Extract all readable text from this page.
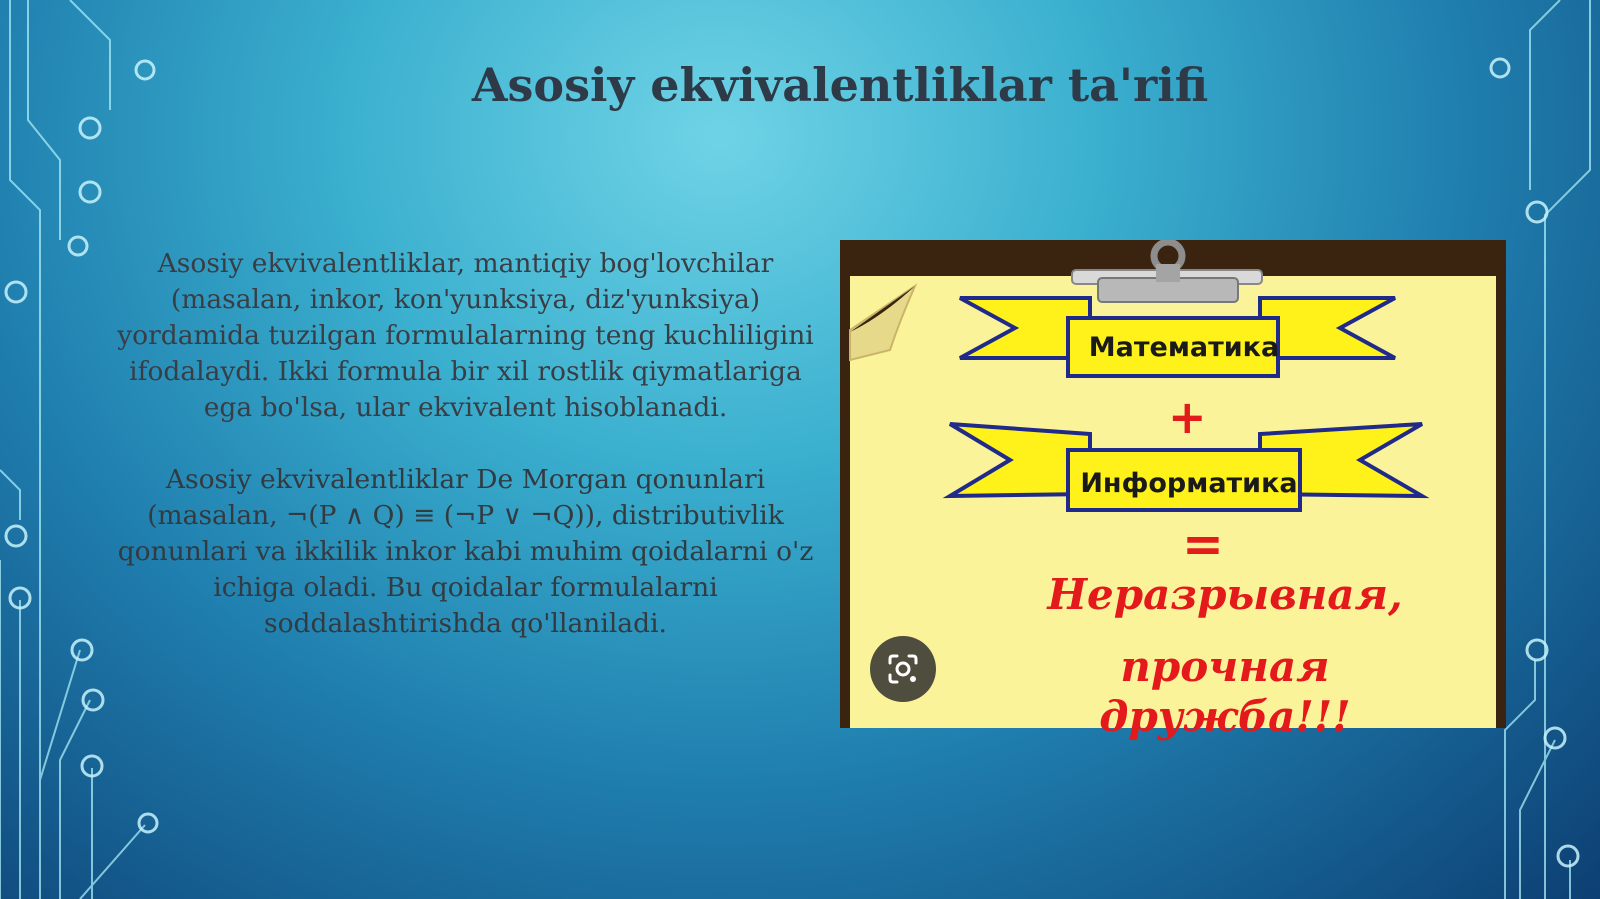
Asosiy ekvivalentliklar ta'rifi

Asosiy ekvivalentliklar, mantiqiy bog'lovchilar (masalan, inkor, kon'yunksiya, diz'yunksiya) yordamida tuzilgan formulalarning teng kuchliligini ifodalaydi. Ikki formula bir xil rostlik qiymatlariga ega bo'lsa, ular ekvivalent hisoblanadi.

Asosiy ekvivalentliklar De Morgan qonunlari (masalan, ¬(P ∧ Q) ≡ (¬P ∨ ¬Q)), distributivlik qonunlari va ikkilik inkor kabi muhim qoidalarni o'z ichiga oladi. Bu qoidalar formulalarni soddalashtirishda qo'llaniladi.

Математика
+
Информатика
=
Неразрывная,
прочная дружба!!!
